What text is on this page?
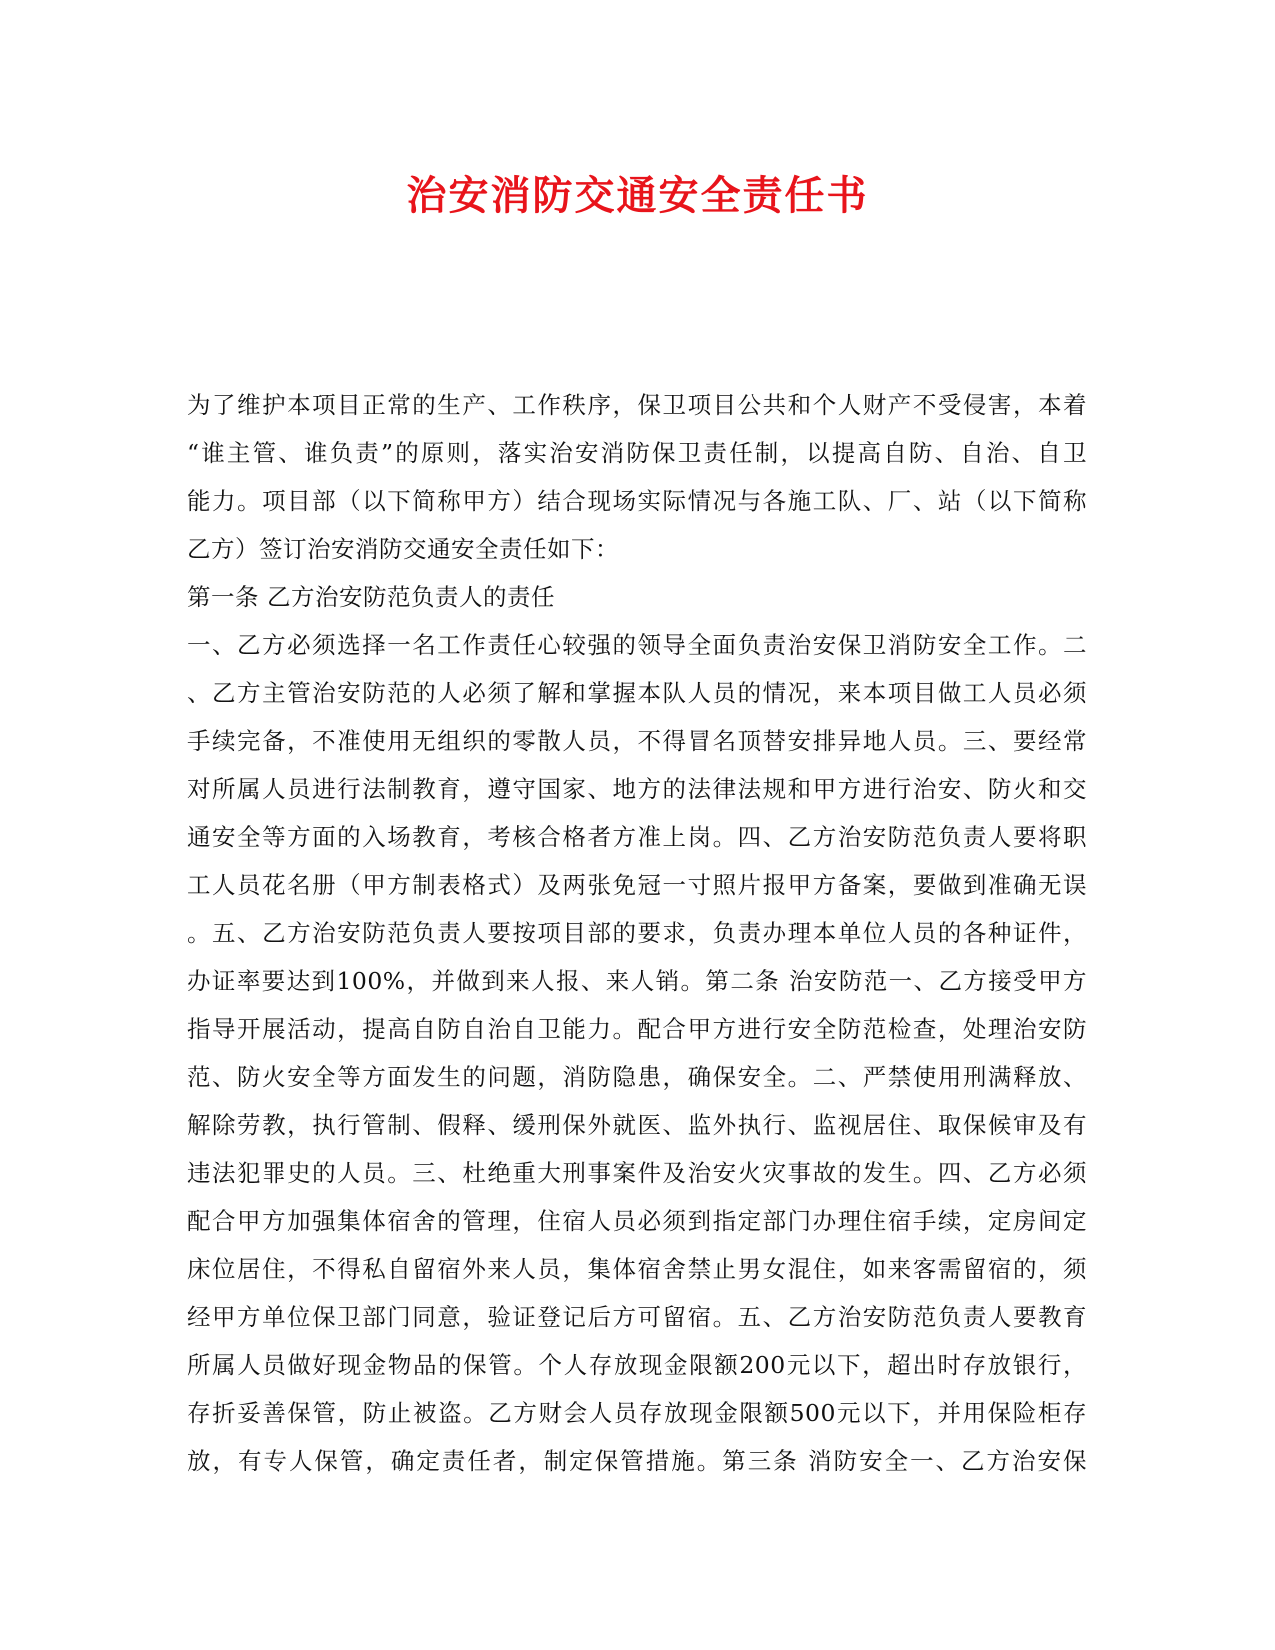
治安消防交通安全责任书
为了维护本项目正常的生产、工作秩序，保卫项目公共和个人财产不受侵害，本着
“谁主管、谁负责”的原则，落实治安消防保卫责任制，以提高自防、自治、自卫
能力。项目部（以下简称甲方）结合现场实际情况与各施工队、厂、站（以下简称
乙方）签订治安消防交通安全责任如下：
第一条 乙方治安防范负责人的责任
一、乙方必须选择一名工作责任心较强的领导全面负责治安保卫消防安全工作。二
、乙方主管治安防范的人必须了解和掌握本队人员的情况，来本项目做工人员必须
手续完备，不准使用无组织的零散人员，不得冒名顶替安排异地人员。三、要经常
对所属人员进行法制教育，遵守国家、地方的法律法规和甲方进行治安、防火和交
通安全等方面的入场教育，考核合格者方准上岗。四、乙方治安防范负责人要将职
工人员花名册（甲方制表格式）及两张免冠一寸照片报甲方备案，要做到准确无误
。五、乙方治安防范负责人要按项目部的要求，负责办理本单位人员的各种证件，
办证率要达到100%，并做到来人报、来人销。第二条 治安防范一、乙方接受甲方
指导开展活动，提高自防自治自卫能力。配合甲方进行安全防范检查，处理治安防
范、防火安全等方面发生的问题，消防隐患，确保安全。二、严禁使用刑满释放、
解除劳教，执行管制、假释、缓刑保外就医、监外执行、监视居住、取保候审及有
违法犯罪史的人员。三、杜绝重大刑事案件及治安火灾事故的发生。四、乙方必须
配合甲方加强集体宿舍的管理，住宿人员必须到指定部门办理住宿手续，定房间定
床位居住，不得私自留宿外来人员，集体宿舍禁止男女混住，如来客需留宿的，须
经甲方单位保卫部门同意，验证登记后方可留宿。五、乙方治安防范负责人要教育
所属人员做好现金物品的保管。个人存放现金限额200元以下，超出时存放银行，
存折妥善保管，防止被盗。乙方财会人员存放现金限额500元以下，并用保险柜存
放，有专人保管，确定责任者，制定保管措施。第三条 消防安全一、乙方治安保
